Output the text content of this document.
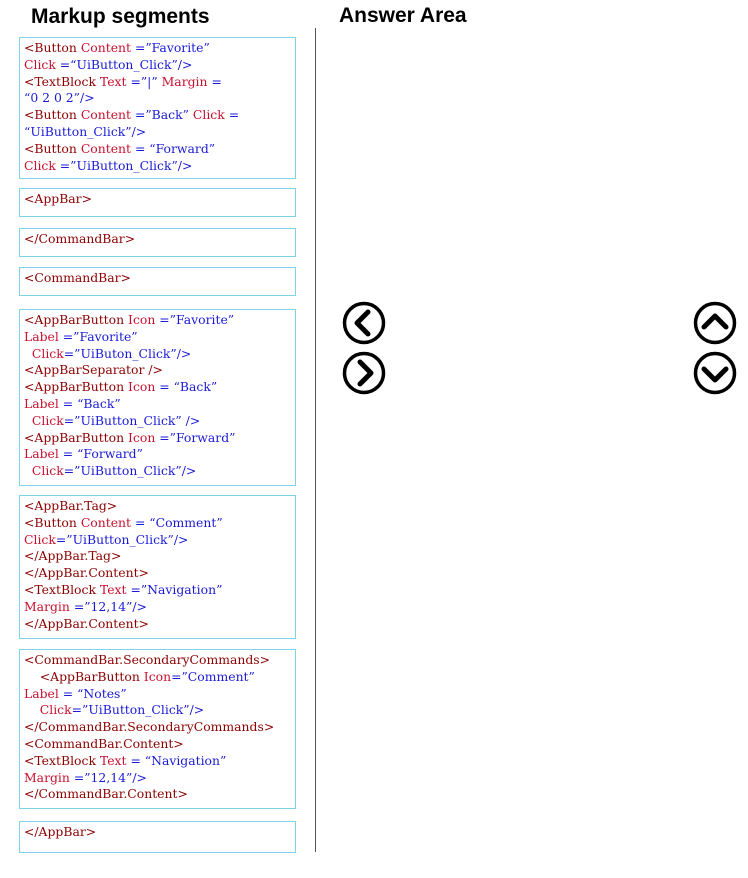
Markup segments	Answer Area
<Button Content =”Favorite”
Click =“UiButton_Click”/>
<TextBlock Text =”|” Margin =
“0 2 0 2”/>
<Button Content =”Back” Click =
“UiButton_Click”/>
<Button Content = “Forward”
Click =”UiButton_Click”/>
<AppBar>
</CommandBar>
<CommandBar>
<AppBarButton Icon =”Favorite”
Label =”Favorite”
Click=”UiButon_Click”/>
<AppBarSeparator />
<AppBarButton Icon = “Back”
Label = “Back”
Click=”UiButton_Click” />
<AppBarButton Icon =”Forward”
Label = “Forward”
Click=”UiButton_Click”/>
<AppBar.Tag>
<Button Content = “Comment”
Click=”UiButton_Click”/>
</AppBar.Tag>
</AppBar.Content>
<TextBlock Text =”Navigation”
Margin =”12,14”/>
</AppBar.Content>
<CommandBar.SecondaryCommands>
<AppBarButton Icon=”Comment”
Label = “Notes”
Click=”UiButton_Click”/>
</CommandBar.SecondaryCommands>
<CommandBar.Content>
<TextBlock Text = “Navigation”
Margin =”12,14”/>
</CommandBar.Content>
</AppBar>
